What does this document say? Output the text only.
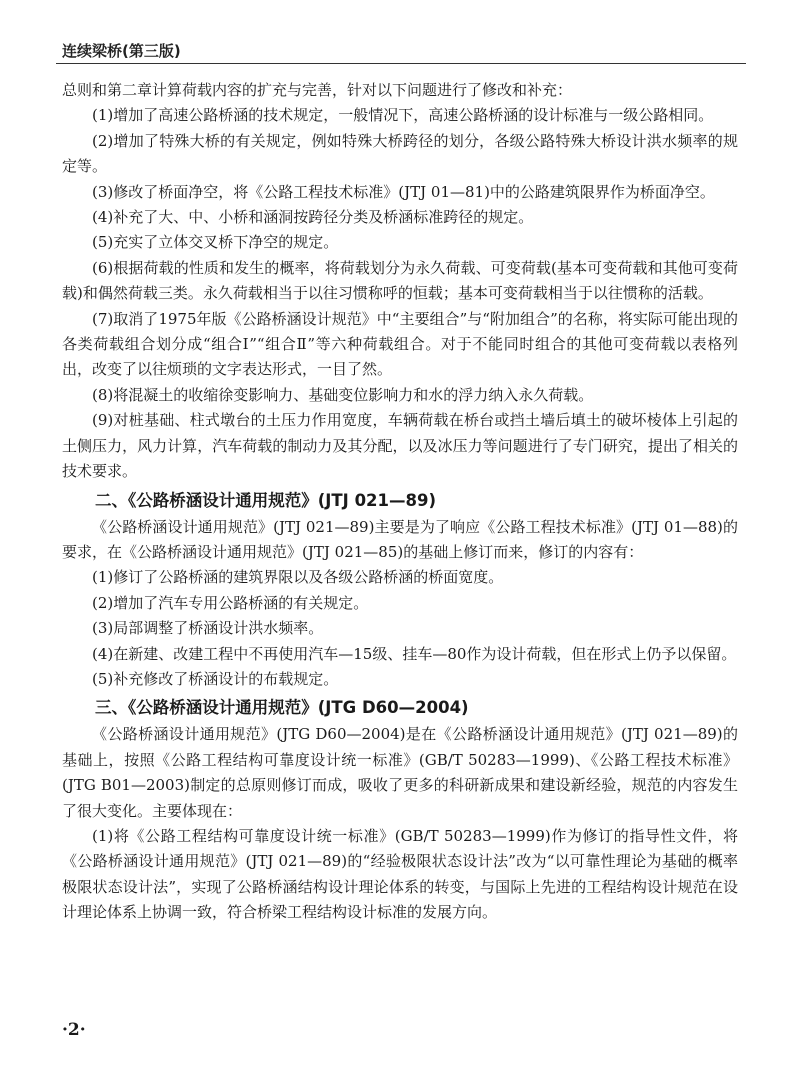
连续梁桥(第三版)

总则和第二章计算荷载内容的扩充与完善，针对以下问题进行了修改和补充：

(1)增加了高速公路桥涵的技术规定，一般情况下，高速公路桥涵的设计标准与一级公路相同。

(2)增加了特殊大桥的有关规定，例如特殊大桥跨径的划分，各级公路特殊大桥设计洪水频率的规定等。

(3)修改了桥面净空，将《公路工程技术标准》(JTJ 01—81)中的公路建筑限界作为桥面净空。

(4)补充了大、中、小桥和涵洞按跨径分类及桥涵标准跨径的规定。

(5)充实了立体交叉桥下净空的规定。

(6)根据荷载的性质和发生的概率，将荷载划分为永久荷载、可变荷载(基本可变荷载和其他可变荷载)和偶然荷载三类。永久荷载相当于以往习惯称呼的恒载；基本可变荷载相当于以往惯称的活载。

(7)取消了1975年版《公路桥涵设计规范》中“主要组合”与“附加组合”的名称，将实际可能出现的各类荷载组合划分成“组合Ⅰ”“组合Ⅱ”等六种荷载组合。对于不能同时组合的其他可变荷载以表格列出，改变了以往烦琐的文字表达形式，一目了然。

(8)将混凝土的收缩徐变影响力、基础变位影响力和水的浮力纳入永久荷载。

(9)对桩基础、柱式墩台的土压力作用宽度，车辆荷载在桥台或挡土墙后填土的破坏棱体上引起的土侧压力，风力计算，汽车荷载的制动力及其分配，以及冰压力等问题进行了专门研究，提出了相关的技术要求。

二、《公路桥涵设计通用规范》(JTJ 021—89)

《公路桥涵设计通用规范》(JTJ 021—89)主要是为了响应《公路工程技术标准》(JTJ 01—88)的要求，在《公路桥涵设计通用规范》(JTJ 021—85)的基础上修订而来，修订的内容有：

(1)修订了公路桥涵的建筑界限以及各级公路桥涵的桥面宽度。

(2)增加了汽车专用公路桥涵的有关规定。

(3)局部调整了桥涵设计洪水频率。

(4)在新建、改建工程中不再使用汽车—15级、挂车—80作为设计荷载，但在形式上仍予以保留。

(5)补充修改了桥涵设计的布载规定。

三、《公路桥涵设计通用规范》(JTG D60—2004)

《公路桥涵设计通用规范》(JTG D60—2004)是在《公路桥涵设计通用规范》(JTJ 021—89)的基础上，按照《公路工程结构可靠度设计统一标准》(GB/T 50283—1999)、《公路工程技术标准》(JTG B01—2003)制定的总原则修订而成，吸收了更多的科研新成果和建设新经验，规范的内容发生了很大变化。主要体现在：

(1)将《公路工程结构可靠度设计统一标准》(GB/T 50283—1999)作为修订的指导性文件，将《公路桥涵设计通用规范》(JTJ 021—89)的“经验极限状态设计法”改为“以可靠性理论为基础的概率极限状态设计法”，实现了公路桥涵结构设计理论体系的转变，与国际上先进的工程结构设计规范在设计理论体系上协调一致，符合桥梁工程结构设计标准的发展方向。

·2·
